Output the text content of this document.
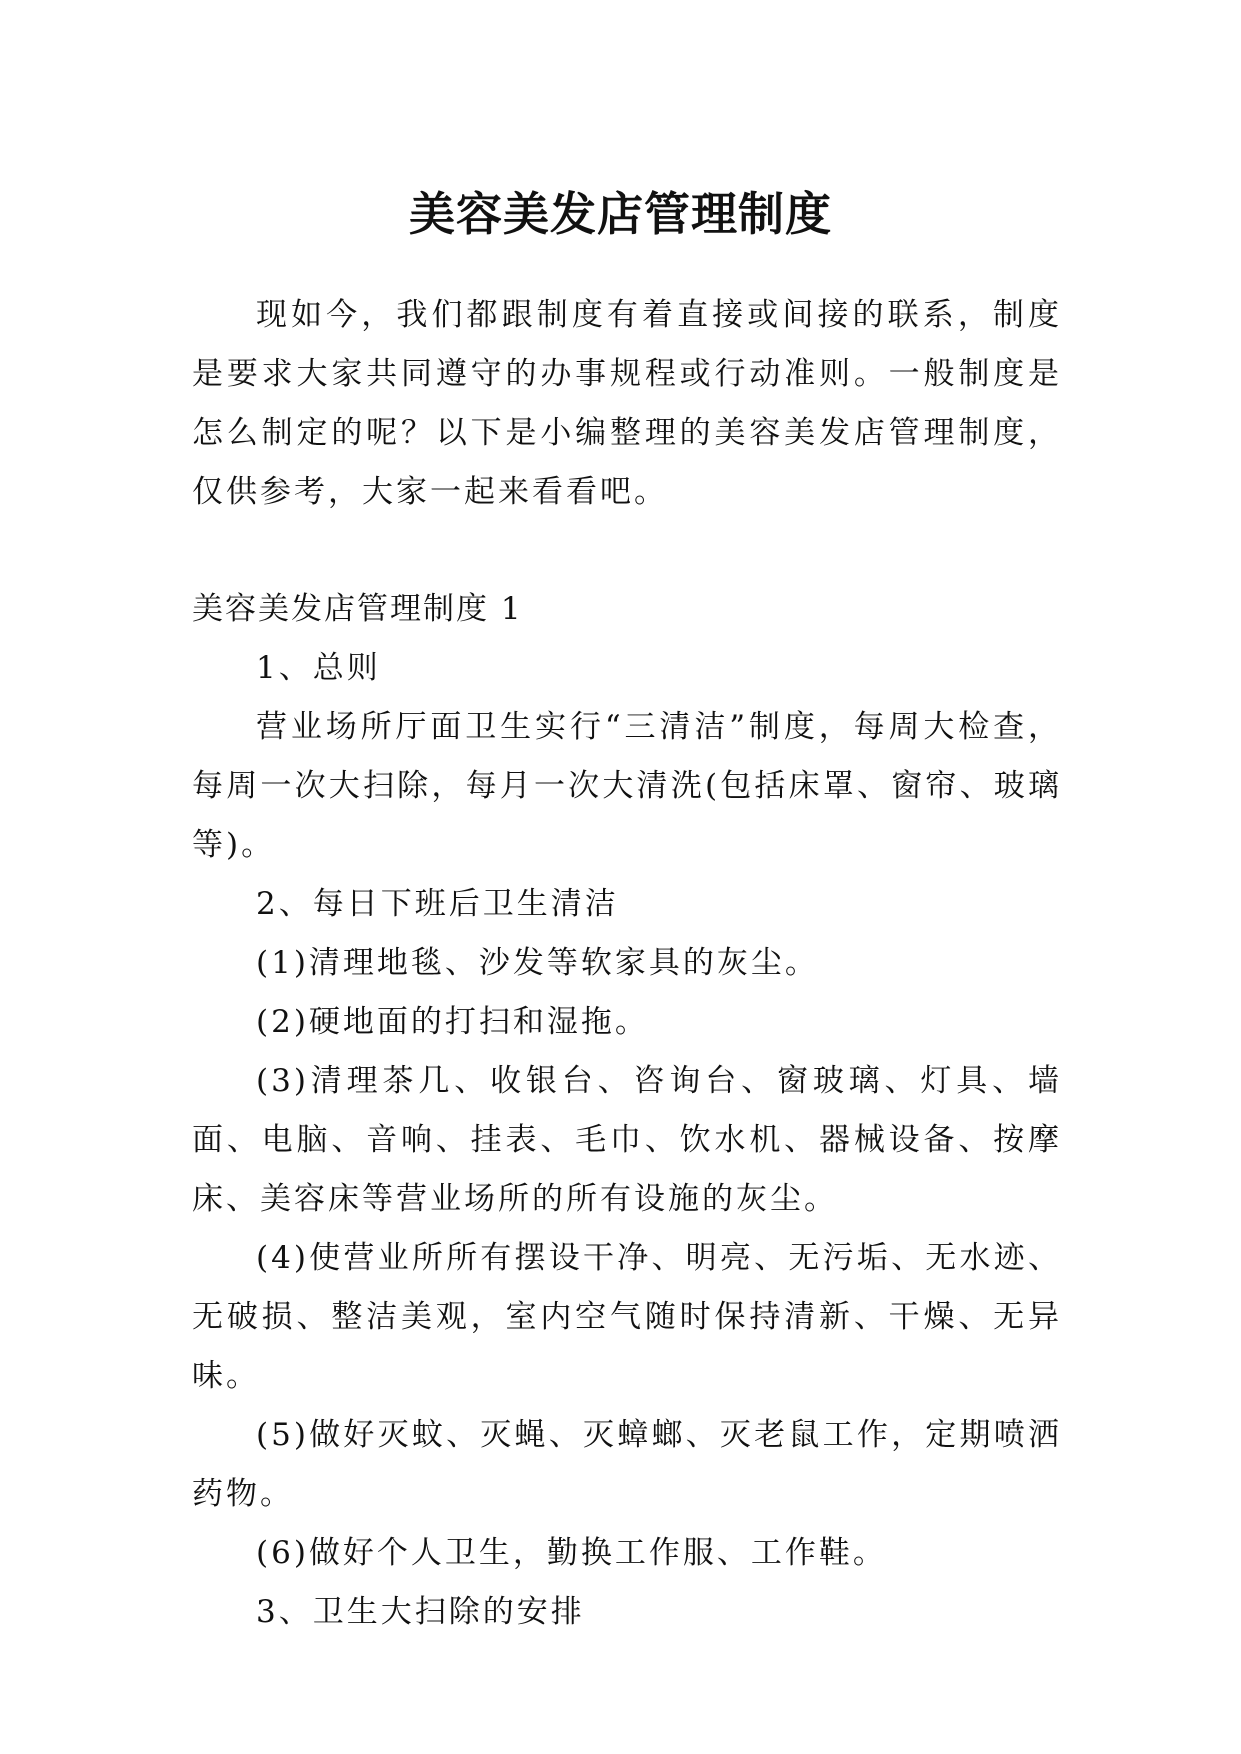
美容美发店管理制度

现如今，我们都跟制度有着直接或间接的联系，制度是要求大家共同遵守的办事规程或行动准则。一般制度是怎么制定的呢？以下是小编整理的美容美发店管理制度，仅供参考，大家一起来看看吧。

美容美发店管理制度 1

1、总则

营业场所厅面卫生实行“三清洁”制度，每周大检查，每周一次大扫除，每月一次大清洗(包括床罩、窗帘、玻璃等)。

2、每日下班后卫生清洁

(1)清理地毯、沙发等软家具的灰尘。

(2)硬地面的打扫和湿拖。

(3)清理茶几、收银台、咨询台、窗玻璃、灯具、墙面、电脑、音响、挂表、毛巾、饮水机、器械设备、按摩床、美容床等营业场所的所有设施的灰尘。

(4)使营业所所有摆设干净、明亮、无污垢、无水迹、无破损、整洁美观，室内空气随时保持清新、干燥、无异味。

(5)做好灭蚊、灭蝇、灭蟑螂、灭老鼠工作，定期喷洒药物。

(6)做好个人卫生，勤换工作服、工作鞋。

3、卫生大扫除的安排
